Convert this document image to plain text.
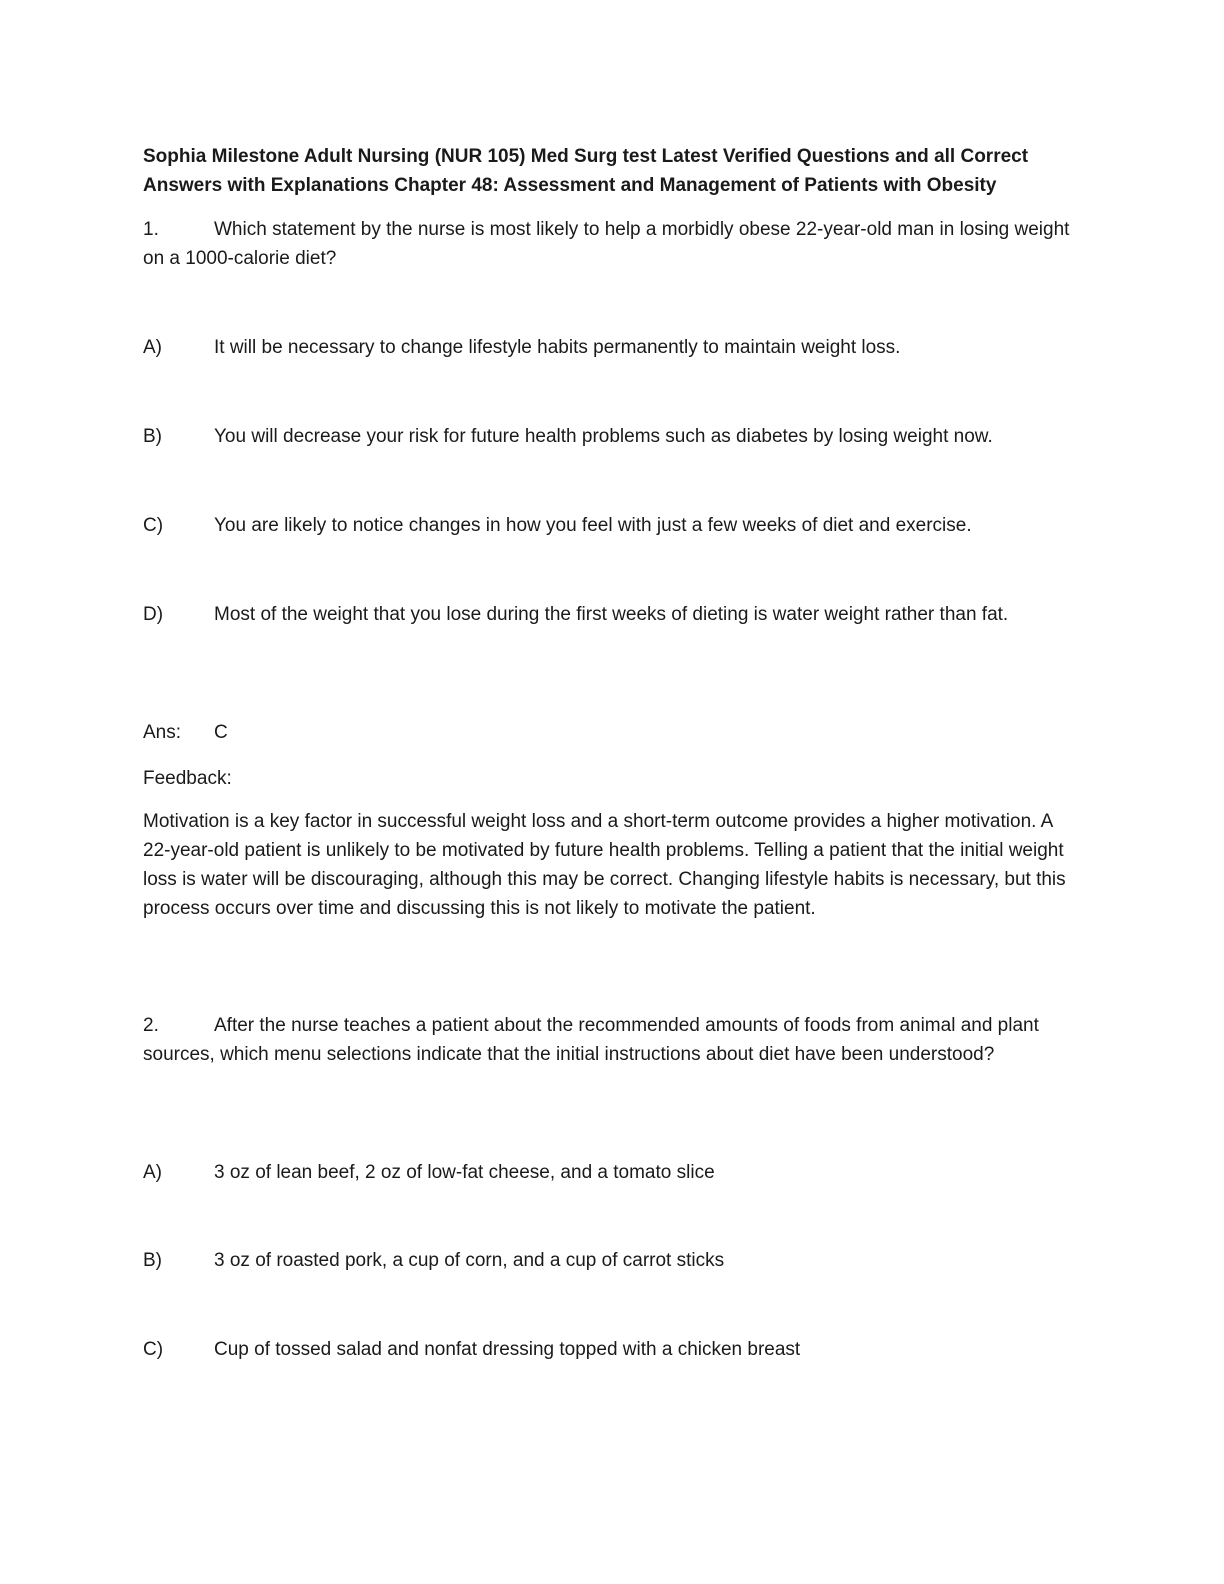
Sophia Milestone Adult Nursing (NUR 105) Med Surg test Latest Verified Questions and all Correct Answers with Explanations Chapter 48: Assessment and Management of Patients with Obesity

1.	Which statement by the nurse is most likely to help a morbidly obese 22-year-old man in losing weight on a 1000-calorie diet?

A)	It will be necessary to change lifestyle habits permanently to maintain weight loss.

B)	You will decrease your risk for future health problems such as diabetes by losing weight now.

C)	You are likely to notice changes in how you feel with just a few weeks of diet and exercise.

D)	Most of the weight that you lose during the first weeks of dieting is water weight rather than fat.

Ans: C

Feedback:

Motivation is a key factor in successful weight loss and a short-term outcome provides a higher motivation. A 22-year-old patient is unlikely to be motivated by future health problems. Telling a patient that the initial weight loss is water will be discouraging, although this may be correct. Changing lifestyle habits is necessary, but this process occurs over time and discussing this is not likely to motivate the patient.

2.	After the nurse teaches a patient about the recommended amounts of foods from animal and plant sources, which menu selections indicate that the initial instructions about diet have been understood?

A)	3 oz of lean beef, 2 oz of low-fat cheese, and a tomato slice

B)	3 oz of roasted pork, a cup of corn, and a cup of carrot sticks

C)	Cup of tossed salad and nonfat dressing topped with a chicken breast
